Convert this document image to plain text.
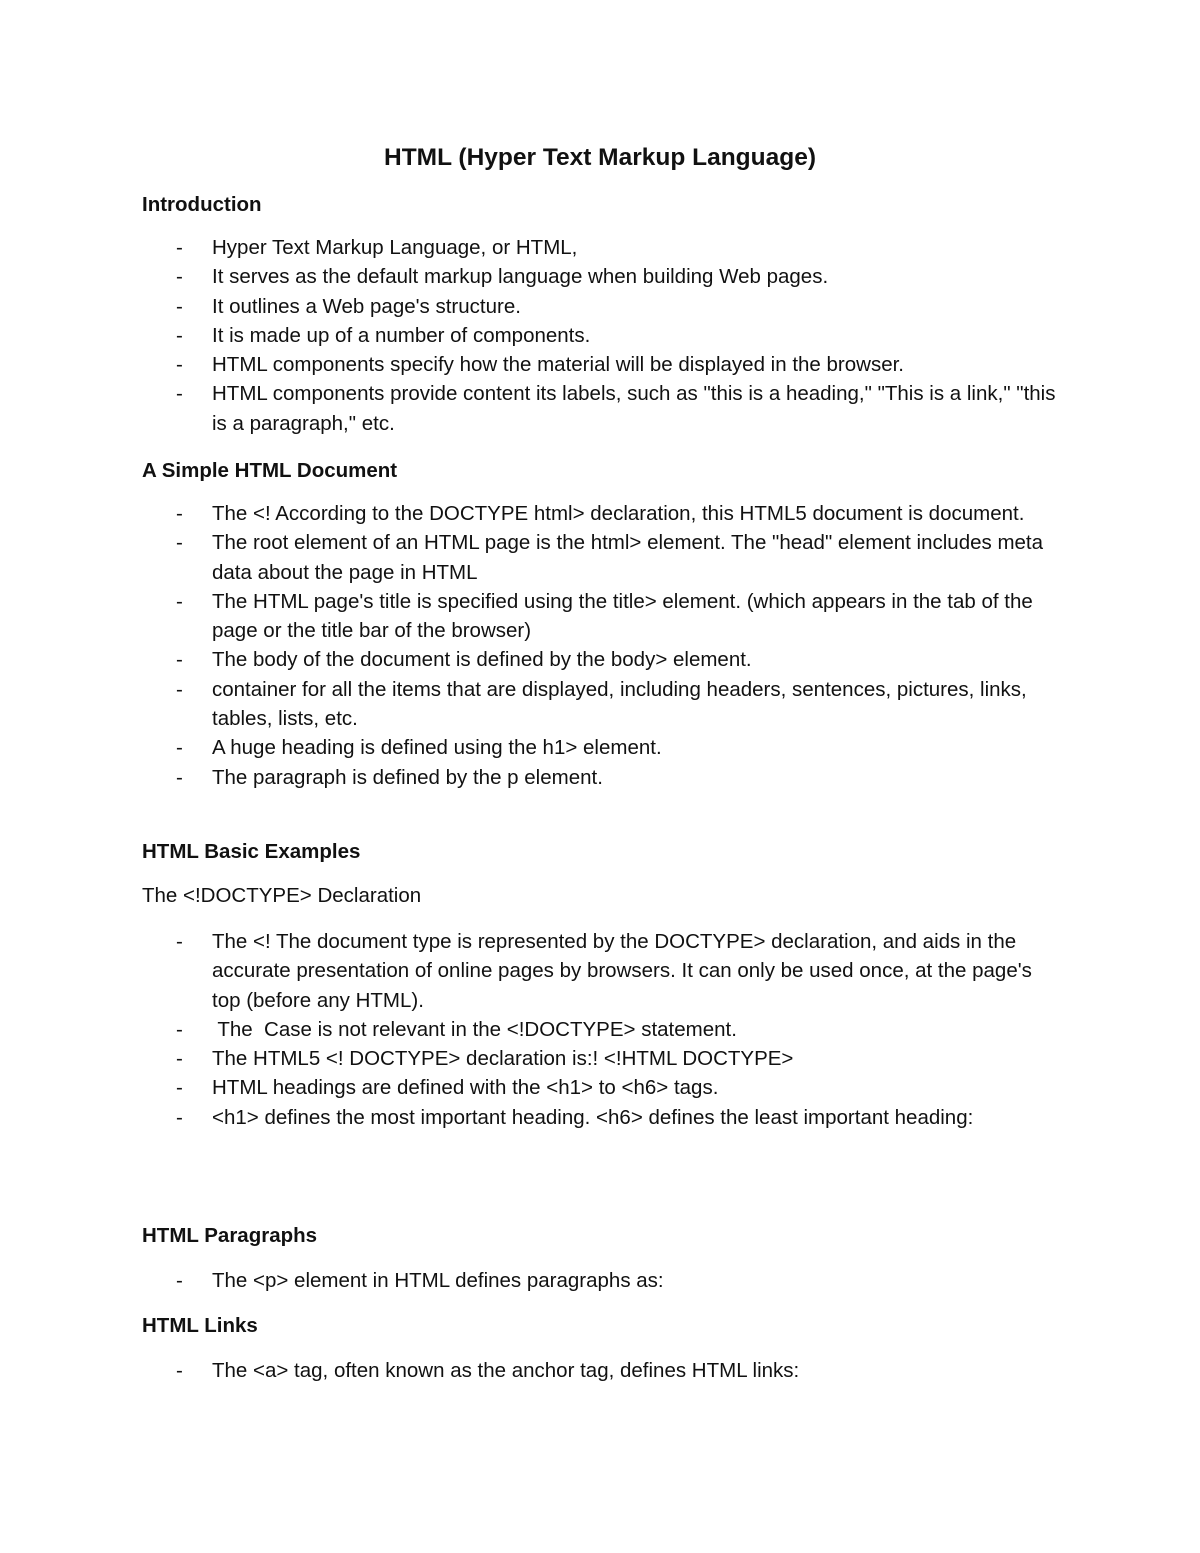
HTML (Hyper Text Markup Language)
Introduction
- Hyper Text Markup Language, or HTML,
- It serves as the default markup language when building Web pages.
- It outlines a Web page's structure.
- It is made up of a number of components.
- HTML components specify how the material will be displayed in the browser.
- HTML components provide content its labels, such as "this is a heading," "This is a link," "this is a paragraph," etc.
A Simple HTML Document
- The <! According to the DOCTYPE html> declaration, this HTML5 document is document.
- The root element of an HTML page is the html> element. The "head" element includes meta data about the page in HTML
- The HTML page's title is specified using the title> element. (which appears in the tab of the page or the title bar of the browser)
- The body of the document is defined by the body> element.
- container for all the items that are displayed, including headers, sentences, pictures, links, tables, lists, etc.
- A huge heading is defined using the h1> element.
- The paragraph is defined by the p element.
HTML Basic Examples
The <!DOCTYPE> Declaration
- The <! The document type is represented by the DOCTYPE> declaration, and aids in the accurate presentation of online pages by browsers. It can only be used once, at the page's top (before any HTML).
- The  Case is not relevant in the <!DOCTYPE> statement.
- The HTML5 <! DOCTYPE> declaration is:! <!HTML DOCTYPE>
- HTML headings are defined with the <h1> to <h6> tags.
- <h1> defines the most important heading. <h6> defines the least important heading:
HTML Paragraphs
- The <p> element in HTML defines paragraphs as:
HTML Links
- The <a> tag, often known as the anchor tag, defines HTML links:
